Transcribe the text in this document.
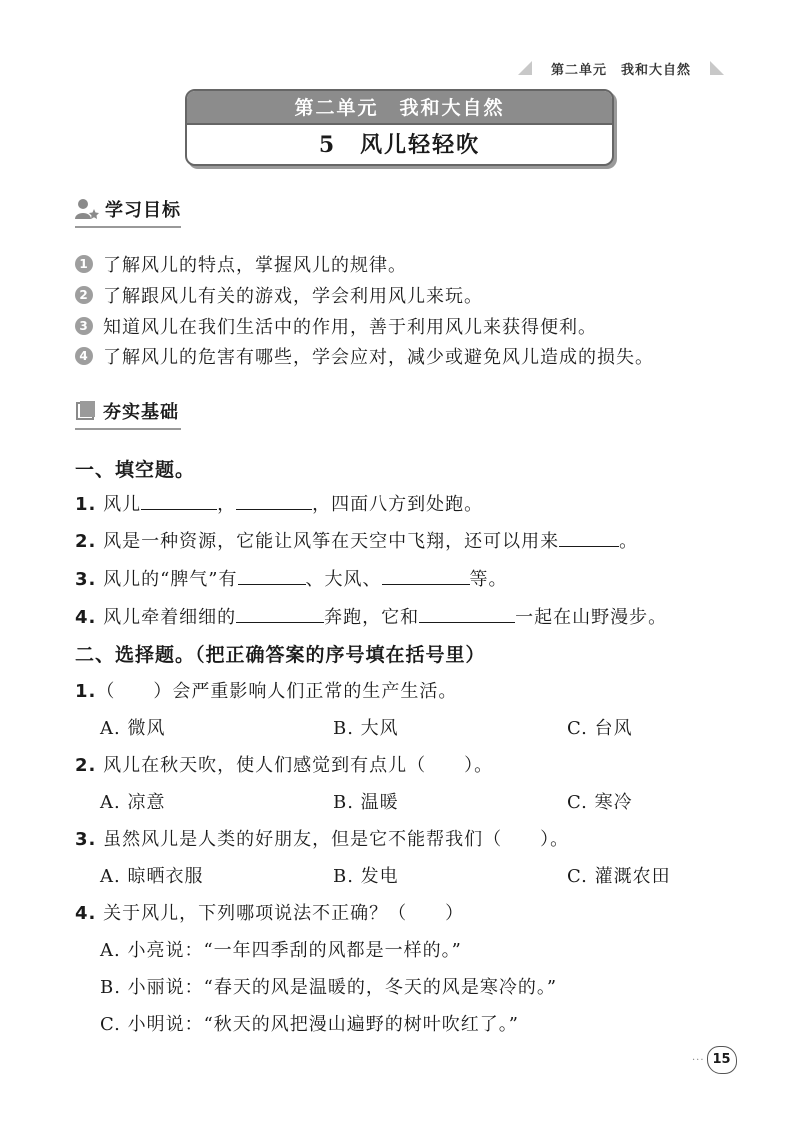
第二单元　我和大自然
第二单元　我和大自然
5　风儿轻轻吹
学习目标
1 了解风儿的特点，掌握风儿的规律。
2 了解跟风儿有关的游戏，学会利用风儿来玩。
3 知道风儿在我们生活中的作用，善于利用风儿来获得便利。
4 了解风儿的危害有哪些，学会应对，减少或避免风儿造成的损失。
夯实基础
一、填空题。
1. 风儿	，	，四面八方到处跑。
2. 风是一种资源，它能让风筝在天空中飞翔，还可以用来	。
3. 风儿的“脾气”有	、大风、	等。
4. 风儿牵着细细的	奔跑，它和	一起在山野漫步。
二、选择题。（把正确答案的序号填在括号里）
1.（　　）会严重影响人们正常的生产生活。
A. 微风	B. 大风	C. 台风
2. 风儿在秋天吹，使人们感觉到有点儿（　　）。
A. 凉意	B. 温暖	C. 寒冷
3. 虽然风儿是人类的好朋友，但是它不能帮我们（　　）。
A. 晾晒衣服	B. 发电	C. 灌溉农田
4. 关于风儿，下列哪项说法不正确？（　　）
A. 小亮说：“一年四季刮的风都是一样的。”
B. 小丽说：“春天的风是温暖的，冬天的风是寒冷的。”
C. 小明说：“秋天的风把漫山遍野的树叶吹红了。”
··· 15
